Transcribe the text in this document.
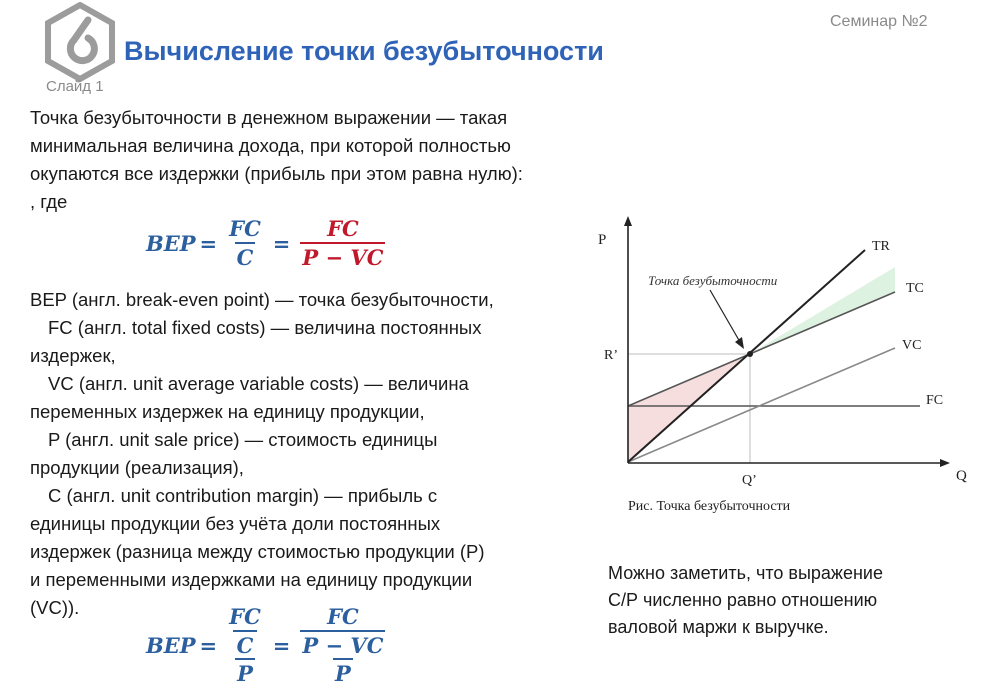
Слайд 1
Семинар №2
Вычисление точки безубыточности
Точка безубыточности в денежном выражении — такая
минимальная величина дохода, при которой полностью
окупаются все издержки (прибыль при этом равна нулю):
, где
BEP = $\frac{FC}{C} = \frac{FC}{P - VC}$
BEP (англ. break-even point) — точка безубыточности,
FC (англ. total fixed costs) — величина постоянных
издержек,
VC (англ. unit average variable costs) — величина
переменных издержек на единицу продукции,
P (англ. unit sale price) — стоимость единицы
продукции (реализация),
C (англ. unit contribution margin) — прибыль с
единицы продукции без учёта доли постоянных
издержек (разница между стоимостью продукции (P)
и переменными издержками на единицу продукции
(VC)).
BEP = $\frac{FC}{\frac{C}{P}} = \frac{FC}{\frac{P - VC}{P}}$
P
Q
R’
Q’
Точка безубыточности
TR
TC
VC
FC
Рис. Точка безубыточности
Можно заметить, что выражение
С/Р численно равно отношению
валовой маржи к выручке.
